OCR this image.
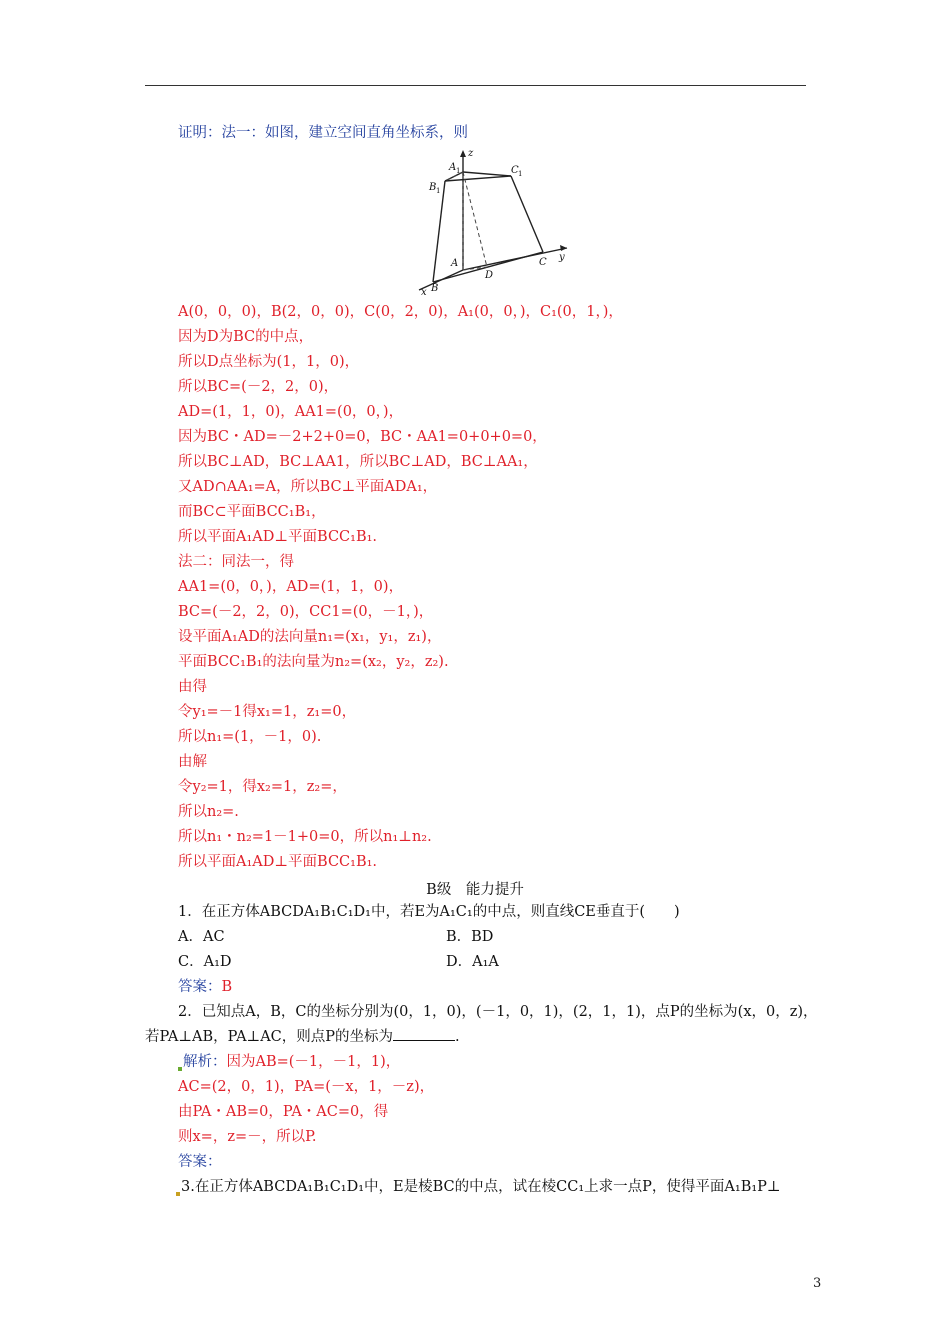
证明：法一：如图，建立空间直角坐标系，则
z
y
x
A 1	C 1
B 1
A
B
C
D
A(0，0，0)，B(2，0，0)，C(0，2，0)，A₁(0，0，)，C₁(0，1，)，
因为D为BC的中点，
所以D点坐标为(1，1，0)，
所以BC=(－2，2，0)，
AD=(1，1，0)，AA1=(0，0，)，
因为BC・AD=－2+2+0=0，BC・AA1=0+0+0=0，
所以BC⊥AD，BC⊥AA1，所以BC⊥AD，BC⊥AA₁，
又AD∩AA₁=A，所以BC⊥平面ADA₁，
而BC⊂平面BCC₁B₁，
所以平面A₁AD⊥平面BCC₁B₁.
法二：同法一，得
AA1=(0，0，)，AD=(1，1，0)，
BC=(－2，2，0)，CC1=(0，－1，)，
设平面A₁AD的法向量n₁=(x₁，y₁，z₁)，
平面BCC₁B₁的法向量为n₂=(x₂，y₂，z₂).
由得
令y₁=－1得x₁=1，z₁=0，
所以n₁=(1，－1，0).
由解
令y₂=1，得x₂=1，z₂=，
所以n₂=.
所以n₁・n₂=1－1+0=0，所以n₁⊥n₂.
所以平面A₁AD⊥平面BCC₁B₁.
B级　能力提升
1．在正方体ABCDA₁B₁C₁D₁中，若E为A₁C₁的中点，则直线CE垂直于(　　)
A．AC	B．BD
C．A₁D	D．A₁A
答案：B
2．已知点A，B，C的坐标分别为(0，1，0)，(－1，0，1)，(2，1，1)，点P的坐标为(x，0，z)，
若PA⊥AB，PA⊥AC，则点P的坐标为	.
解析：因为AB=(－1，－1，1)，
AC=(2，0，1)，PA=(－x，1，－z)，
由PA・AB=0，PA・AC=0，得
则x=，z=－，所以P.
答案：
3.在正方体ABCDA₁B₁C₁D₁中，E是棱BC的中点，试在棱CC₁上求一点P，使得平面A₁B₁P⊥
3
